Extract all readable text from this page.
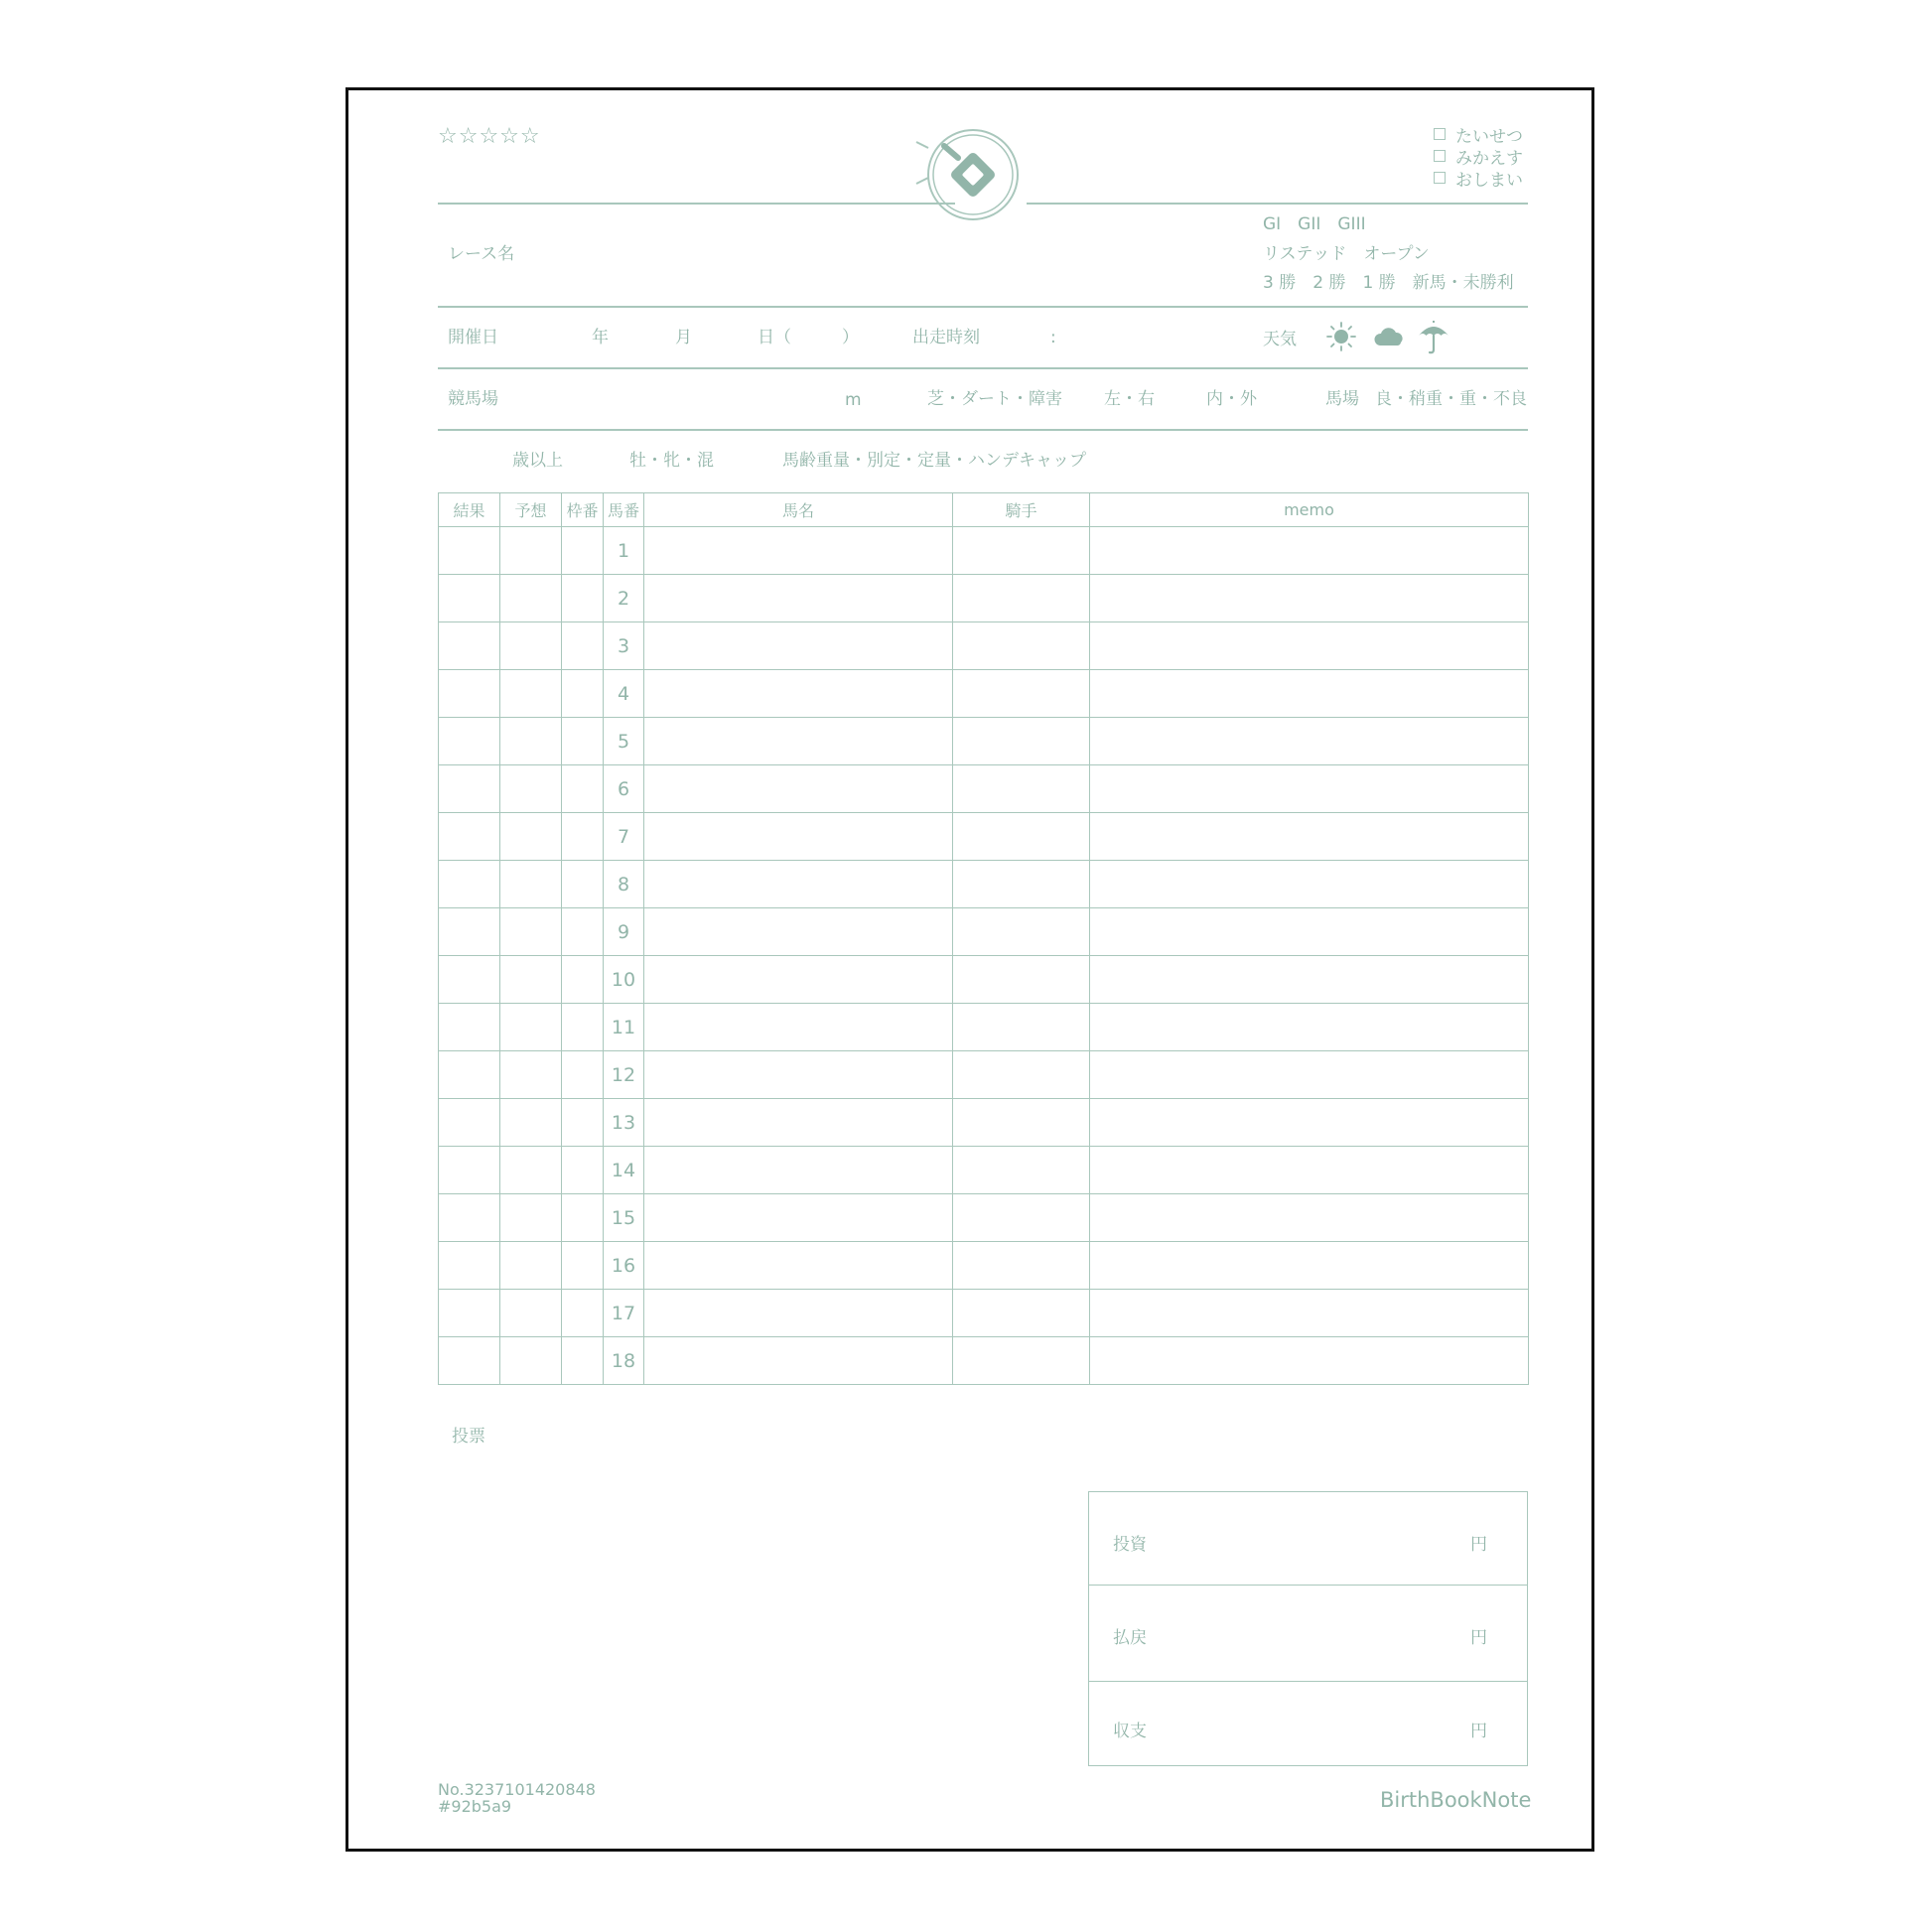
☆☆☆☆☆	たいせつ
みかえす
おしまい
レース名
GI　GII　GIII
リステッド　オープン
3 勝　2 勝　1 勝　新馬・未勝利
開催日	年	月	日（　　　）	出走時刻	:	天気
競馬場	m	芝・ダート・障害 左・右	内・外	馬場 良・稍重・重・不良
歳以上	牡・牝・混	馬齢重量・別定・定量・ハンデキャップ
結果	予想	枠番	馬番	馬名	騎手	memo
			1			
			2			
			3			
			4			
			5			
			6			
			7			
			8			
			9			
			10			
			11			
			12			
			13			
			14			
			15			
			16			
			17			
			18			
投票
投資	円
払戻	円
収支	円
No.3237101420848
#92b5a9	BirthBookNote
